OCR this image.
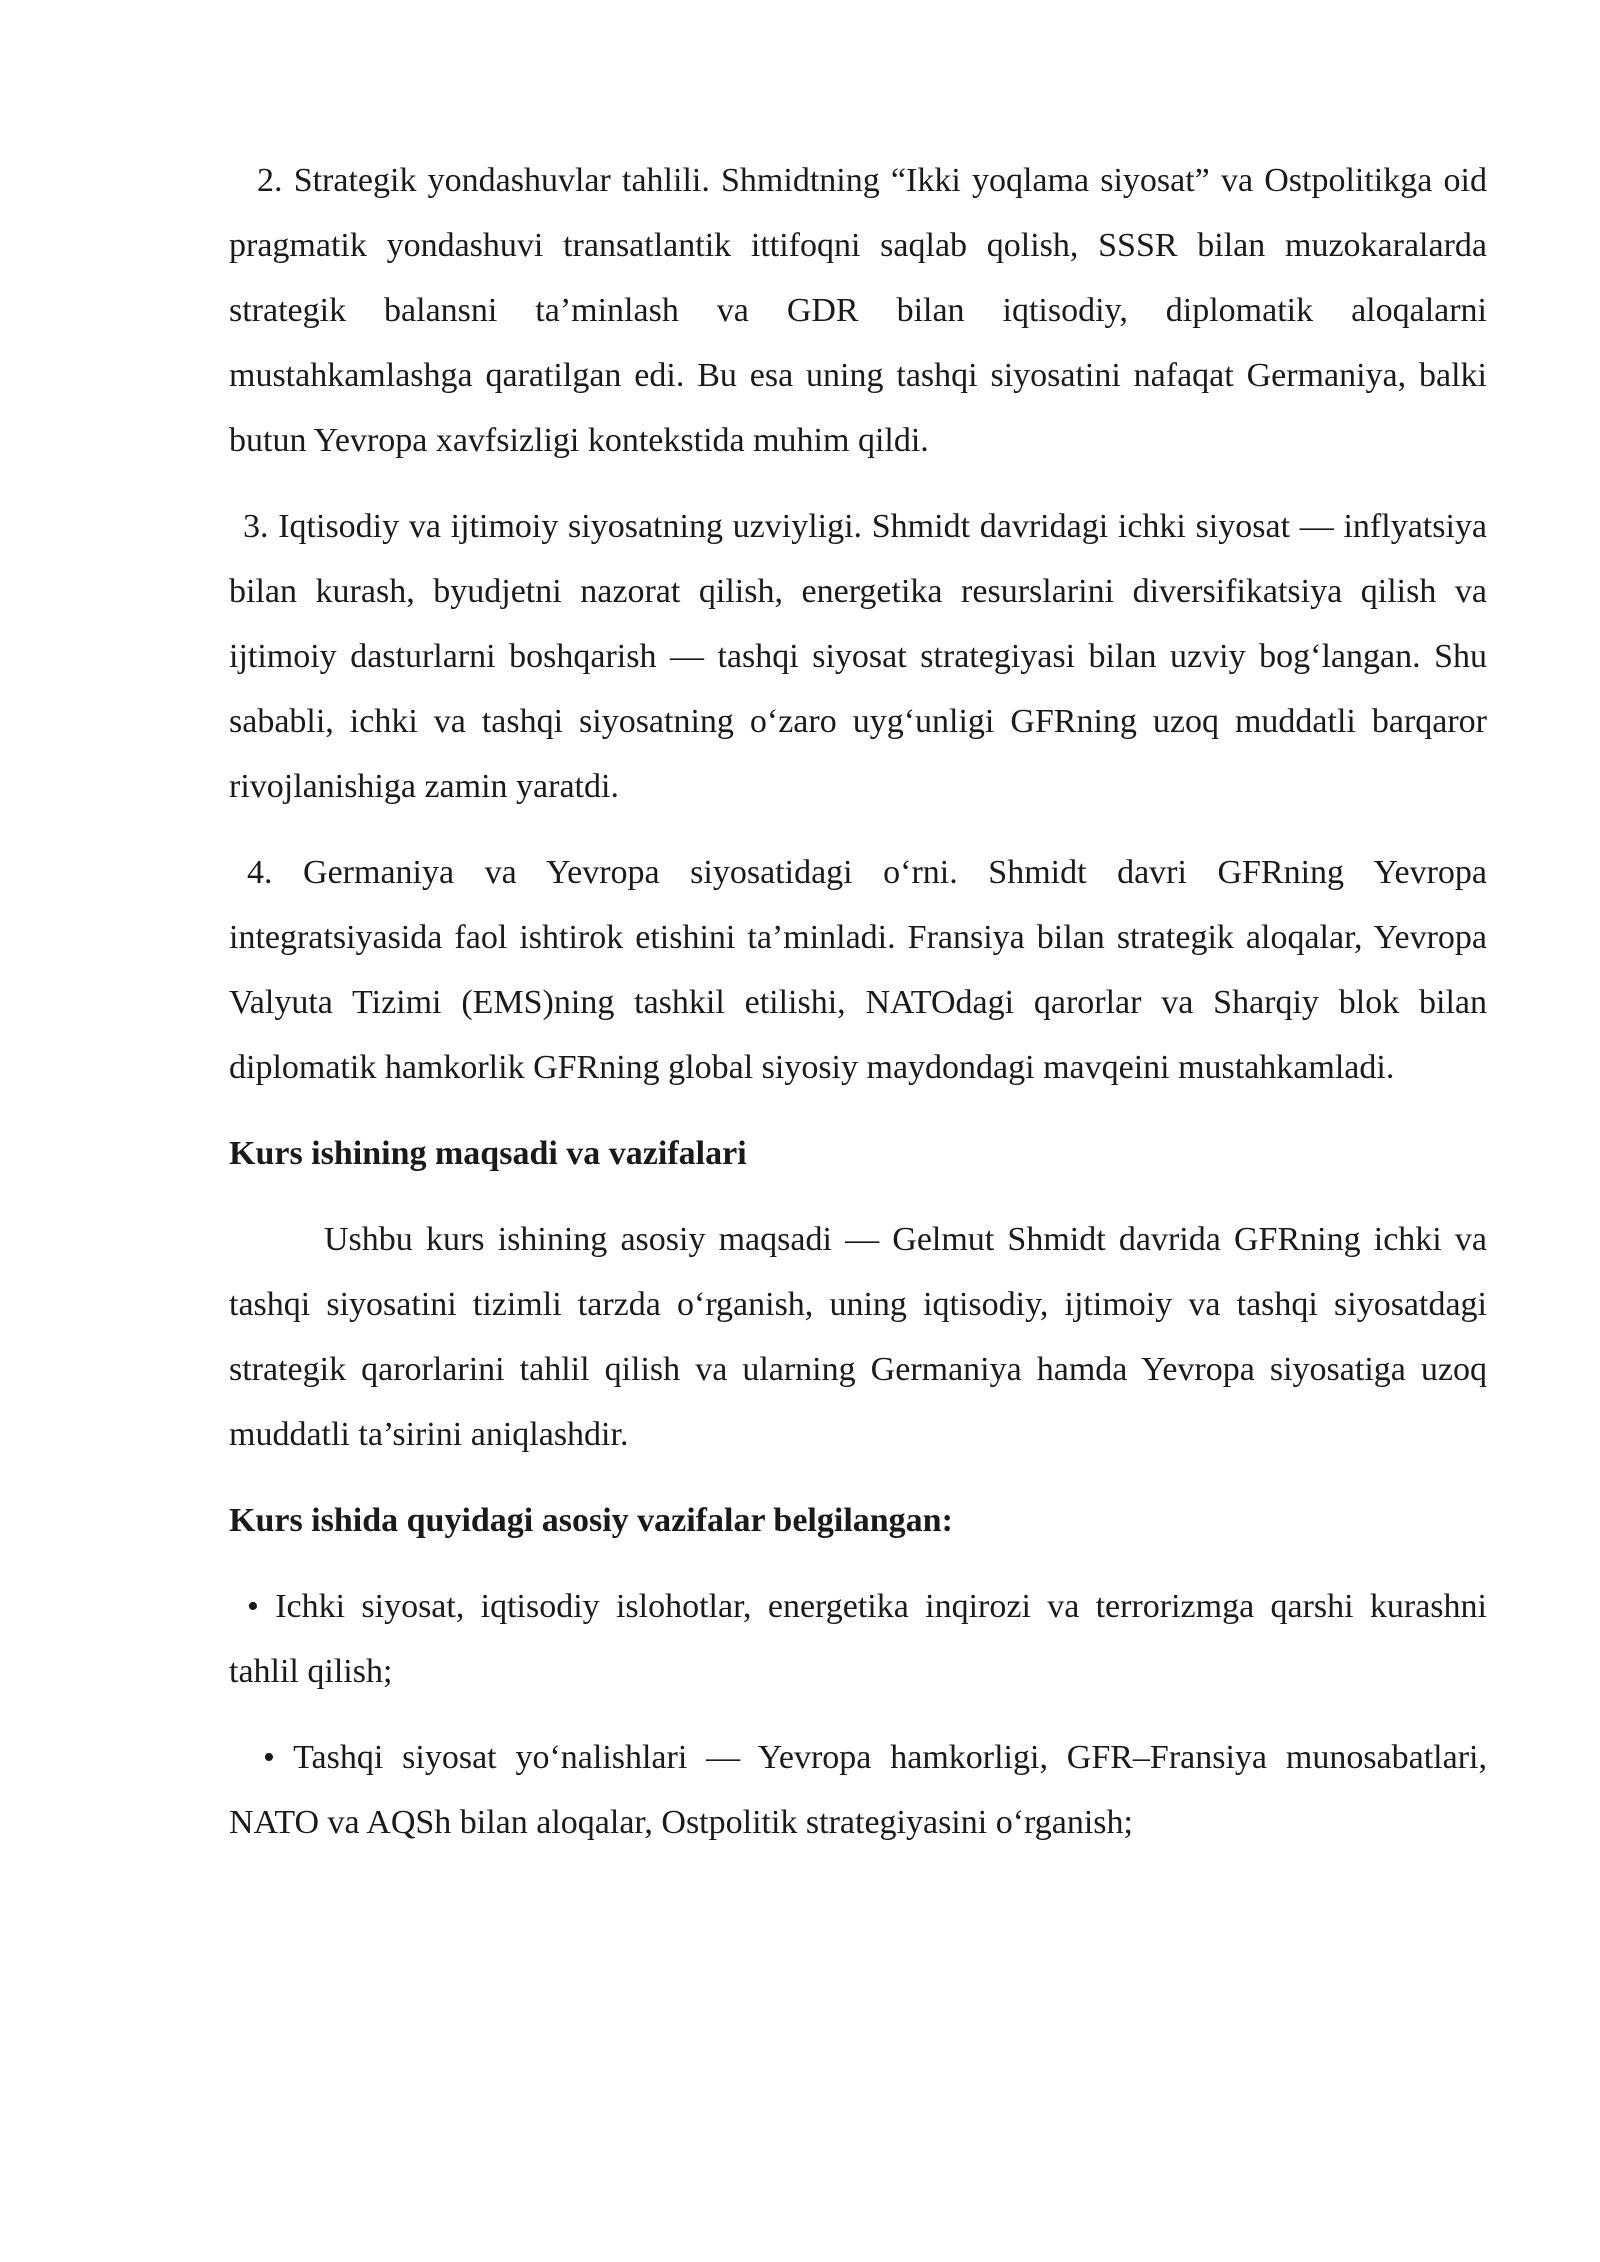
2. Strategik yondashuvlar tahlili. Shmidtning “Ikki yoqlama siyosat” va Ostpolitikga oid pragmatik yondashuvi transatlantik ittifoqni saqlab qolish, SSSR bilan muzokaralarda strategik balansni ta’minlash va GDR bilan iqtisodiy, diplomatik aloqalarni mustahkamlashga qaratilgan edi. Bu esa uning tashqi siyosatini nafaqat Germaniya, balki butun Yevropa xavfsizligi kontekstida muhim qildi.

3. Iqtisodiy va ijtimoiy siyosatning uzviyligi. Shmidt davridagi ichki siyosat — inflyatsiya bilan kurash, byudjetni nazorat qilish, energetika resurslarini diversifikatsiya qilish va ijtimoiy dasturlarni boshqarish — tashqi siyosat strategiyasi bilan uzviy bog‘langan. Shu sababli, ichki va tashqi siyosatning o‘zaro uyg‘unligi GFRning uzoq muddatli barqaror rivojlanishiga zamin yaratdi.

4. Germaniya va Yevropa siyosatidagi o‘rni. Shmidt davri GFRning Yevropa integratsiyasida faol ishtirok etishini ta’minladi. Fransiya bilan strategik aloqalar, Yevropa Valyuta Tizimi (EMS)ning tashkil etilishi, NATOdagi qarorlar va Sharqiy blok bilan diplomatik hamkorlik GFRning global siyosiy maydondagi mavqeini mustahkamladi.

Kurs ishining maqsadi va vazifalari

Ushbu kurs ishining asosiy maqsadi — Gelmut Shmidt davrida GFRning ichki va tashqi siyosatini tizimli tarzda o‘rganish, uning iqtisodiy, ijtimoiy va tashqi siyosatdagi strategik qarorlarini tahlil qilish va ularning Germaniya hamda Yevropa siyosatiga uzoq muddatli ta’sirini aniqlashdir.

Kurs ishida quyidagi asosiy vazifalar belgilangan:

• Ichki siyosat, iqtisodiy islohotlar, energetika inqirozi va terrorizmga qarshi kurashni tahlil qilish;

• Tashqi siyosat yo‘nalishlari — Yevropa hamkorligi, GFR–Fransiya munosabatlari, NATO va AQSh bilan aloqalar, Ostpolitik strategiyasini o‘rganish;
